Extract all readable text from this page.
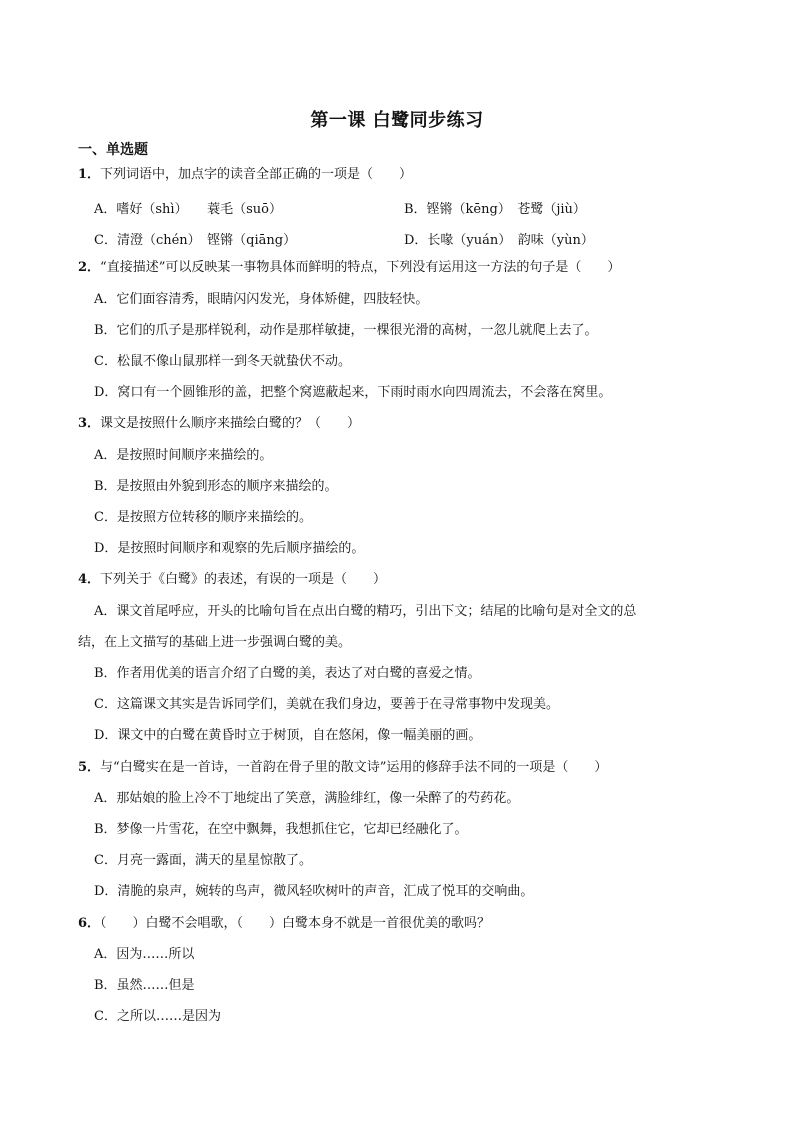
第一课 白鹭同步练习
一、单选题
1．下列词语中，加点字的读音全部正确的一项是（　　）
A．嗜好（shì）　　蓑毛（suō）	B．铿锵（kēng）　苍鹭（jiù）
C．清澄（chén）　铿锵（qiāng）	D．长喙（yuán）　韵味（yùn）
2．“直接描述”可以反映某一事物具体而鲜明的特点，下列没有运用这一方法的句子是（　　）
A．它们面容清秀，眼睛闪闪发光，身体矫健，四肢轻快。
B．它们的爪子是那样锐利，动作是那样敏捷，一棵很光滑的高树，一忽儿就爬上去了。
C．松鼠不像山鼠那样一到冬天就蛰伏不动。
D．窝口有一个圆锥形的盖，把整个窝遮蔽起来，下雨时雨水向四周流去，不会落在窝里。
3．课文是按照什么顺序来描绘白鹭的？（　　）
A．是按照时间顺序来描绘的。
B．是按照由外貌到形态的顺序来描绘的。
C．是按照方位转移的顺序来描绘的。
D．是按照时间顺序和观察的先后顺序描绘的。
4．下列关于《白鹭》的表述，有误的一项是（　　）
A．课文首尾呼应，开头的比喻句旨在点出白鹭的精巧，引出下文；结尾的比喻句是对全文的总
结，在上文描写的基础上进一步强调白鹭的美。
B．作者用优美的语言介绍了白鹭的美，表达了对白鹭的喜爱之情。
C．这篇课文其实是告诉同学们，美就在我们身边，要善于在寻常事物中发现美。
D．课文中的白鹭在黄昏时立于树顶，自在悠闲，像一幅美丽的画。
5．与“白鹭实在是一首诗，一首韵在骨子里的散文诗”运用的修辞手法不同的一项是（　　）
A．那姑娘的脸上冷不丁地绽出了笑意，满脸绯红，像一朵醉了的芍药花。
B．梦像一片雪花，在空中飘舞，我想抓住它，它却已经融化了。
C．月亮一露面，满天的星星惊散了。
D．清脆的泉声，婉转的鸟声，微风轻吹树叶的声音，汇成了悦耳的交响曲。
6．（　　）白鹭不会唱歌，（　　）白鹭本身不就是一首很优美的歌吗？
A．因为……所以
B．虽然……但是
C．之所以……是因为
